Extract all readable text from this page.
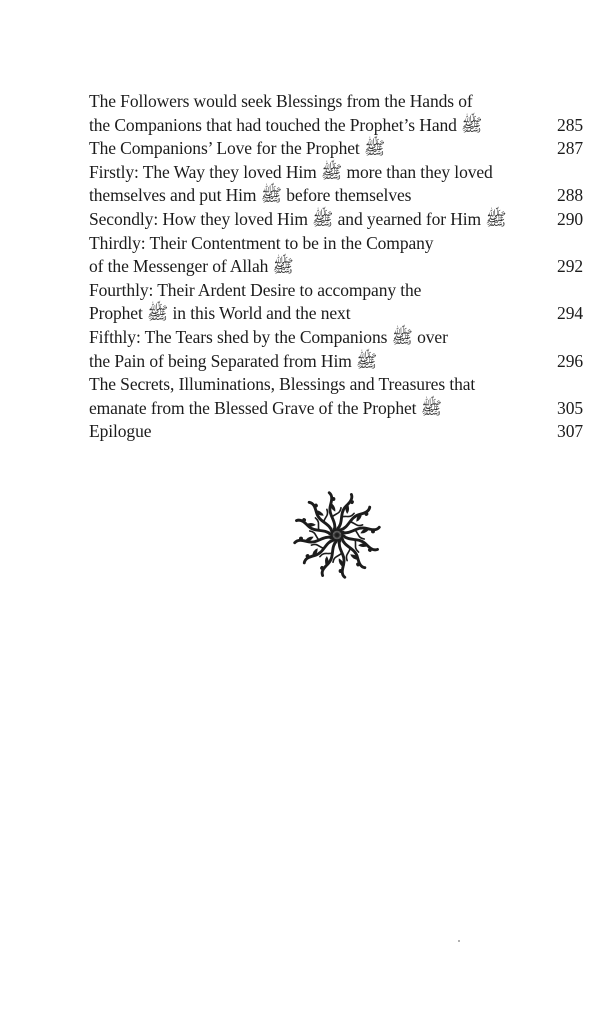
The Followers would seek Blessings from the Hands of
the Companions that had touched the Prophet’s Hand ﷺ	285
The Companions’ Love for the Prophet ﷺ	287
Firstly: The Way they loved Him ﷺ more than they loved
themselves and put Him ﷺ before themselves	288
Secondly: How they loved Him ﷺ and yearned for Him ﷺ	290
Thirdly: Their Contentment to be in the Company
of the Messenger of Allah ﷺ	292
Fourthly: Their Ardent Desire to accompany the
Prophet ﷺ in this World and the next	294
Fifthly: The Tears shed by the Companions ﷺ over
the Pain of being Separated from Him ﷺ	296
The Secrets, Illuminations, Blessings and Treasures that
emanate from the Blessed Grave of the Prophet ﷺ	305
Epilogue	307
